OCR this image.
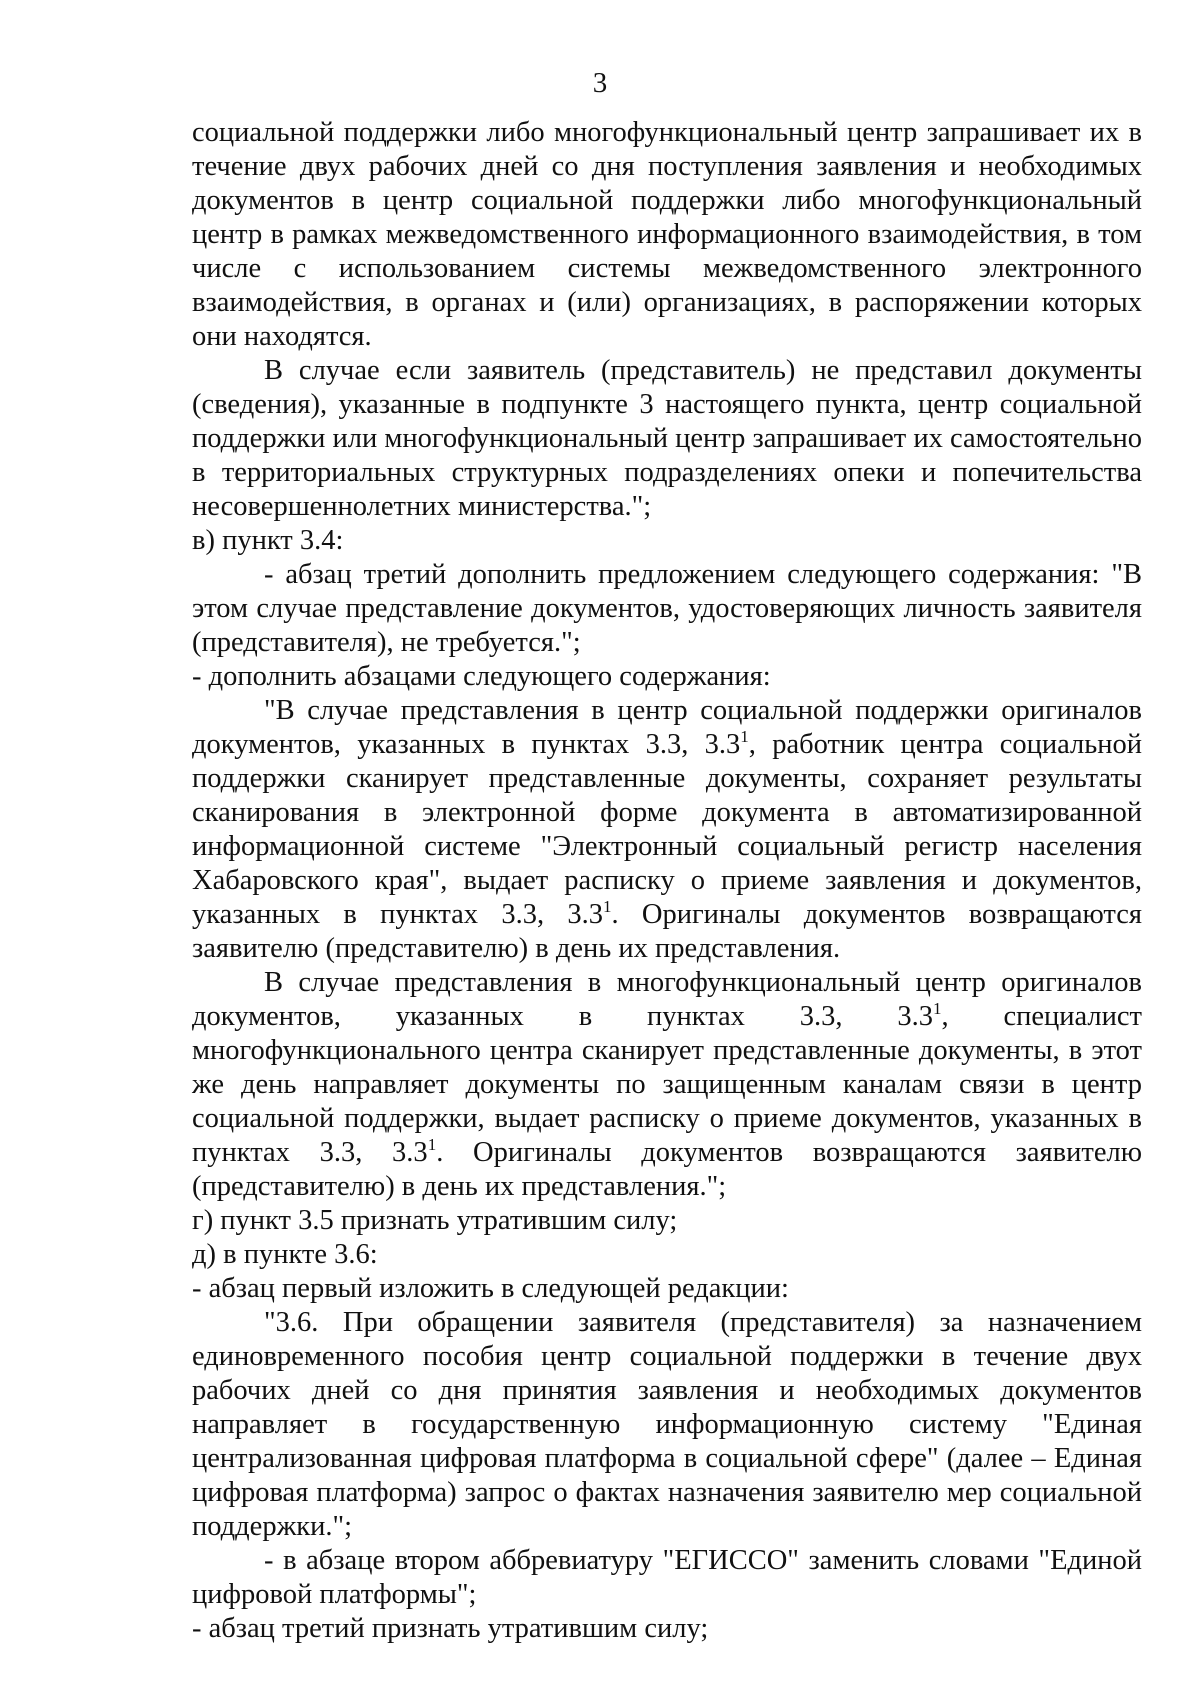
3

социальной поддержки либо многофункциональный центр запрашивает их в течение двух рабочих дней со дня поступления заявления и необходимых документов в центр социальной поддержки либо многофункциональный центр в рамках межведомственного информационного взаимодействия, в том числе с использованием системы межведомственного электронного взаимодействия, в органах и (или) организациях, в распоряжении которых они находятся.

В случае если заявитель (представитель) не представил документы (сведения), указанные в подпункте 3 настоящего пункта, центр социальной поддержки или многофункциональный центр запрашивает их самостоятельно в территориальных структурных подразделениях опеки и попечительства несовершеннолетних министерства.";

в) пункт 3.4:

- абзац третий дополнить предложением следующего содержания: "В этом случае представление документов, удостоверяющих личность заявителя (представителя), не требуется.";

- дополнить абзацами следующего содержания:

"В случае представления в центр социальной поддержки оригиналов документов, указанных в пунктах 3.3, $3.3^1$, работник центра социальной поддержки сканирует представленные документы, сохраняет результаты сканирования в электронной форме документа в автоматизированной информационной системе "Электронный социальный регистр населения Хабаровского края", выдает расписку о приеме заявления и документов, указанных в пунктах 3.3, $3.3^1$. Оригиналы документов возвращаются заявителю (представителю) в день их представления.

В случае представления в многофункциональный центр оригиналов документов, указанных в пунктах 3.3, $3.3^1$, специалист многофункционального центра сканирует представленные документы, в этот же день направляет документы по защищенным каналам связи в центр социальной поддержки, выдает расписку о приеме документов, указанных в пунктах 3.3, $3.3^1$. Оригиналы документов возвращаются заявителю (представителю) в день их представления.";

г) пункт 3.5 признать утратившим силу;

д) в пункте 3.6:

- абзац первый изложить в следующей редакции:

"3.6. При обращении заявителя (представителя) за назначением единовременного пособия центр социальной поддержки в течение двух рабочих дней со дня принятия заявления и необходимых документов направляет в государственную информационную систему "Единая централизованная цифровая платформа в социальной сфере" (далее – Единая цифровая платформа) запрос о фактах назначения заявителю мер социальной поддержки.";

- в абзаце втором аббревиатуру "ЕГИССО" заменить словами "Единой цифровой платформы";

- абзац третий признать утратившим силу;
